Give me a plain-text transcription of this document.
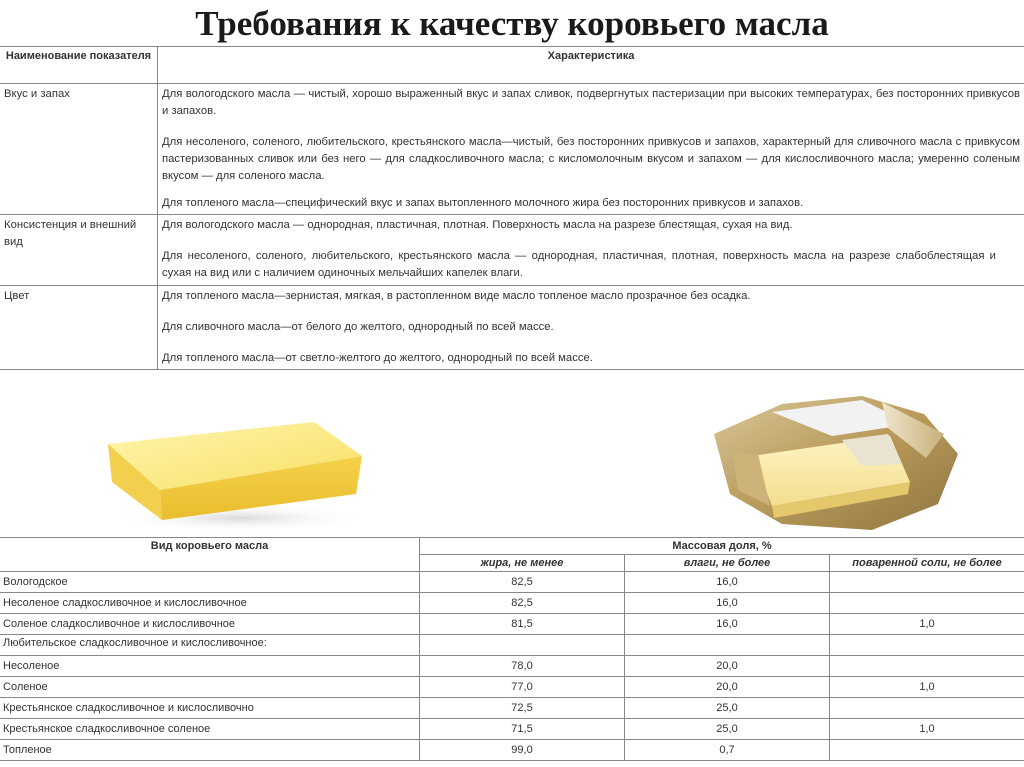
Требования к качеству коровьего масла
Наименование показателя	Характеристика
Вкус и запах	Для вологодского масла — чистый, хорошо выраженный вкус и запах сливок, подвергнутых пастеризации при высоких температурах, без посторонних привкусов и запахов.

Для несоленого, соленого, любительского, крестьянского масла—чистый, без посторонних привкусов и запахов, характерный для сливочного масла с привкусом пастеризованных сливок или без него — для сладкосливочного масла; с кисломолочным вкусом и запахом — для кислосливочного масла; умеренно соленым вкусом — для соленого масла.

Для топленого масла—специфический вкус и запах вытопленного молочного жира без посторонних привкусов и запахов.

Консистенция и внешний вид	Для вологодского масла — однородная, пластичная, плотная. Поверхность масла на разрезе блестящая, сухая на вид.

Для несоленого, соленого, любительского, крестьянского масла — однородная, пластичная, плотная, поверхность масла на разрезе слабоблестящая и сухая на вид или с наличием одиночных мельчайших капелек влаги.

Цвет	Для топленого масла—зернистая, мягкая, в растопленном виде масло топленое масло прозрачное без осадка.

Для сливочного масла—от белого до желтого, однородный по всей массе.

Для топленого масла—от светло-желтого до желтого, однородный по всей массе.

Вид коровьего масла	Массовая доля, %		
	жира, не менее	влаги, не более	поваренной соли, не более
Вологодское	82,5	16,0	
Несоленое сладкосливочное и кислосливочное	82,5	16,0	
Соленое сладкосливочное и кислосливочное	81,5	16,0	1,0
Любительское сладкосливочное и кислосливочное:			
Несоленое	78,0	20,0	
Соленое	77,0	20,0	1,0
Крестьянское сладкосливочное и кислосливочно	72,5	25,0	
Крестьянское сладкосливочное соленое	71,5	25,0	1,0
Топленое	99,0	0,7	
